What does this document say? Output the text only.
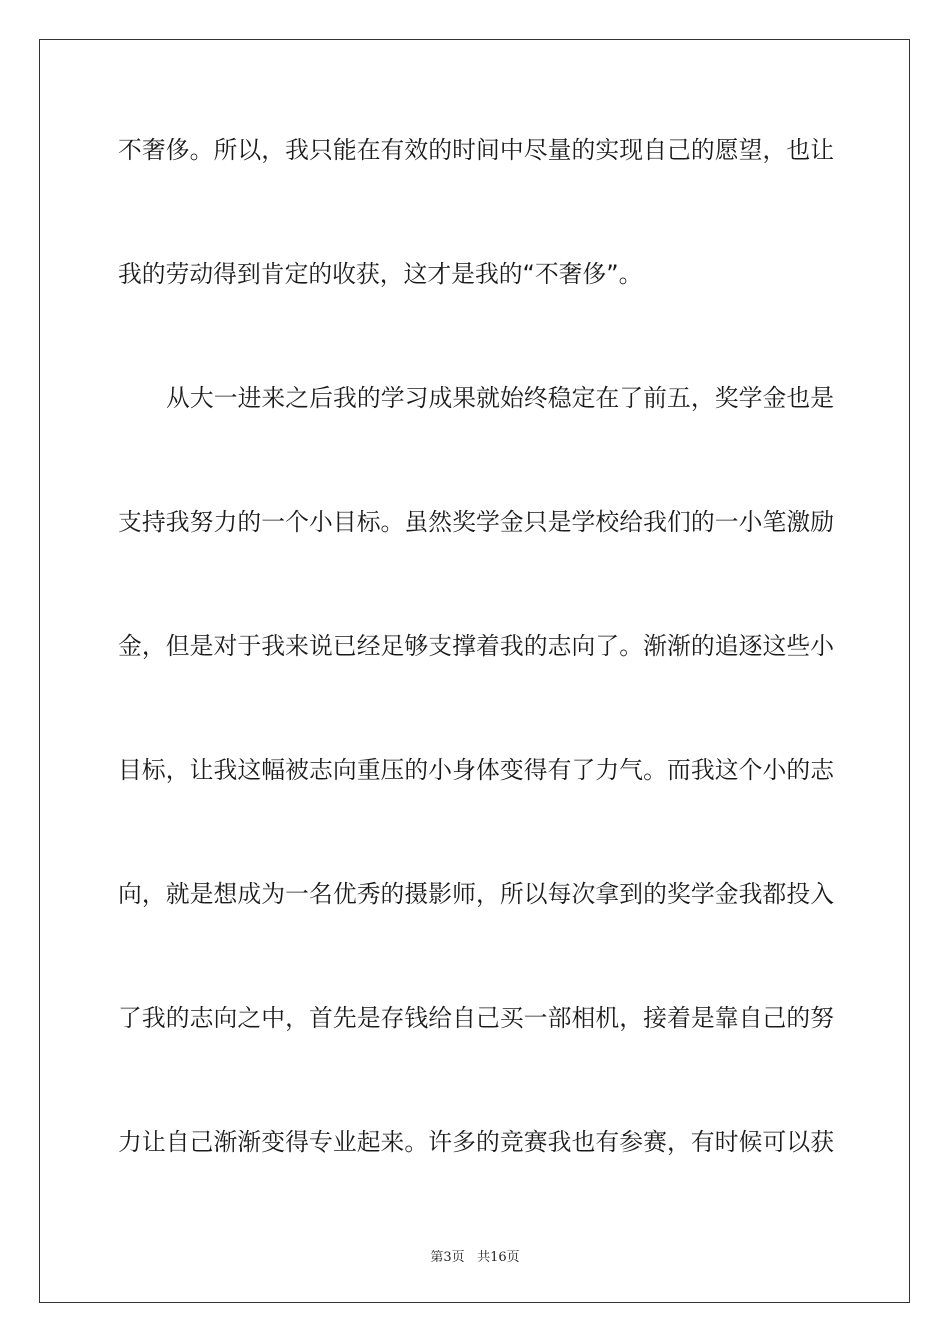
不奢侈。所以，我只能在有效的时间中尽量的实现自己的愿望，也让
我的劳动得到肯定的收获，这才是我的“不奢侈”。
从大一进来之后我的学习成果就始终稳定在了前五，奖学金也是
支持我努力的一个小目标。虽然奖学金只是学校给我们的一小笔激励
金，但是对于我来说已经足够支撑着我的志向了。渐渐的追逐这些小
目标，让我这幅被志向重压的小身体变得有了力气。而我这个小的志
向，就是想成为一名优秀的摄影师，所以每次拿到的奖学金我都投入
了我的志向之中，首先是存钱给自己买一部相机，接着是靠自己的努
力让自己渐渐变得专业起来。许多的竞赛我也有参赛，有时候可以获
第3页 共16页
